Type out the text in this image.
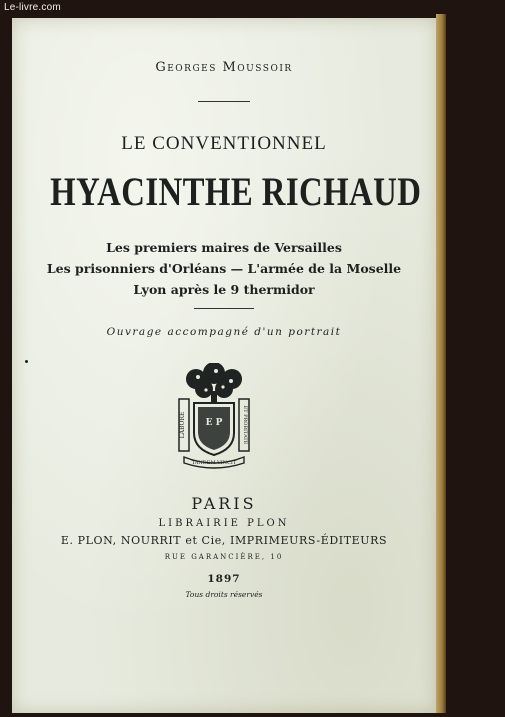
Le-livre.com
Georges Moussoir
LE CONVENTIONNEL
HYACINTHE RICHAUD
Les premiers maires de Versailles
Les prisonniers d'Orléans — L'armée de la Moselle
Lyon après le 9 thermidor
Ouvrage accompagné d'un portrait
LABORE	ET PROBITATE
E P
TANDEM VINCIT
PARIS
LIBRAIRIE PLON
E. PLON, NOURRIT et Cie, IMPRIMEURS-ÉDITEURS
RUE GARANCIÈRE, 10
1897
Tous droits réservés
